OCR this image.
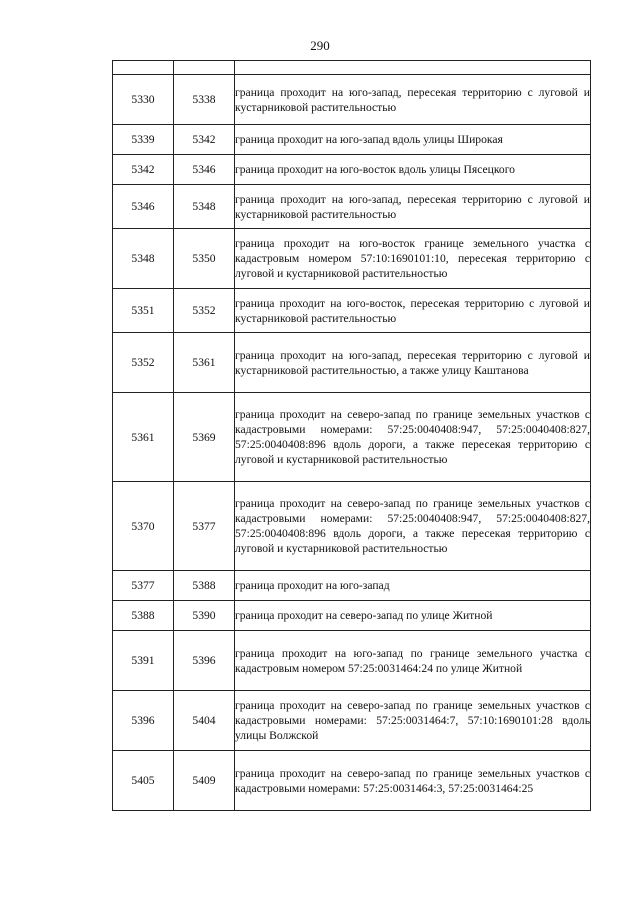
290

5330	5338	граница проходит на юго-запад, пересекая территорию с луговой и кустарниковой растительностью
5339	5342	граница проходит на юго-запад вдоль улицы Широкая
5342	5346	граница проходит на юго-восток вдоль улицы Пясецкого
5346	5348	граница проходит на юго-запад, пересекая территорию с луговой и кустарниковой растительностью
5348	5350	граница проходит на юго-восток границе земельного участка с кадастровым номером 57:10:1690101:10, пересекая территорию с луговой и кустарниковой растительностью
5351	5352	граница проходит на юго-восток, пересекая территорию с луговой и кустарниковой растительностью
5352	5361	граница проходит на юго-запад, пересекая территорию с луговой и кустарниковой растительностью, а также улицу Каштанова
5361	5369	граница проходит на северо-запад по границе земельных участков с кадастровыми номерами: 57:25:0040408:947, 57:25:0040408:827, 57:25:0040408:896 вдоль дороги, а также пересекая территорию с луговой и кустарниковой растительностью
5370	5377	граница проходит на северо-запад по границе земельных участков с кадастровыми номерами: 57:25:0040408:947, 57:25:0040408:827, 57:25:0040408:896 вдоль дороги, а также пересекая территорию с луговой и кустарниковой растительностью
5377	5388	граница проходит на юго-запад
5388	5390	граница проходит на северо-запад по улице Житной
5391	5396	граница проходит на юго-запад по границе земельного участка с кадастровым номером 57:25:0031464:24 по улице Житной
5396	5404	граница проходит на северо-запад по границе земельных участков с кадастровыми номерами: 57:25:0031464:7, 57:10:1690101:28 вдоль улицы Волжской
5405	5409	граница проходит на северо-запад по границе земельных участков с кадастровыми номерами: 57:25:0031464:3, 57:25:0031464:25
